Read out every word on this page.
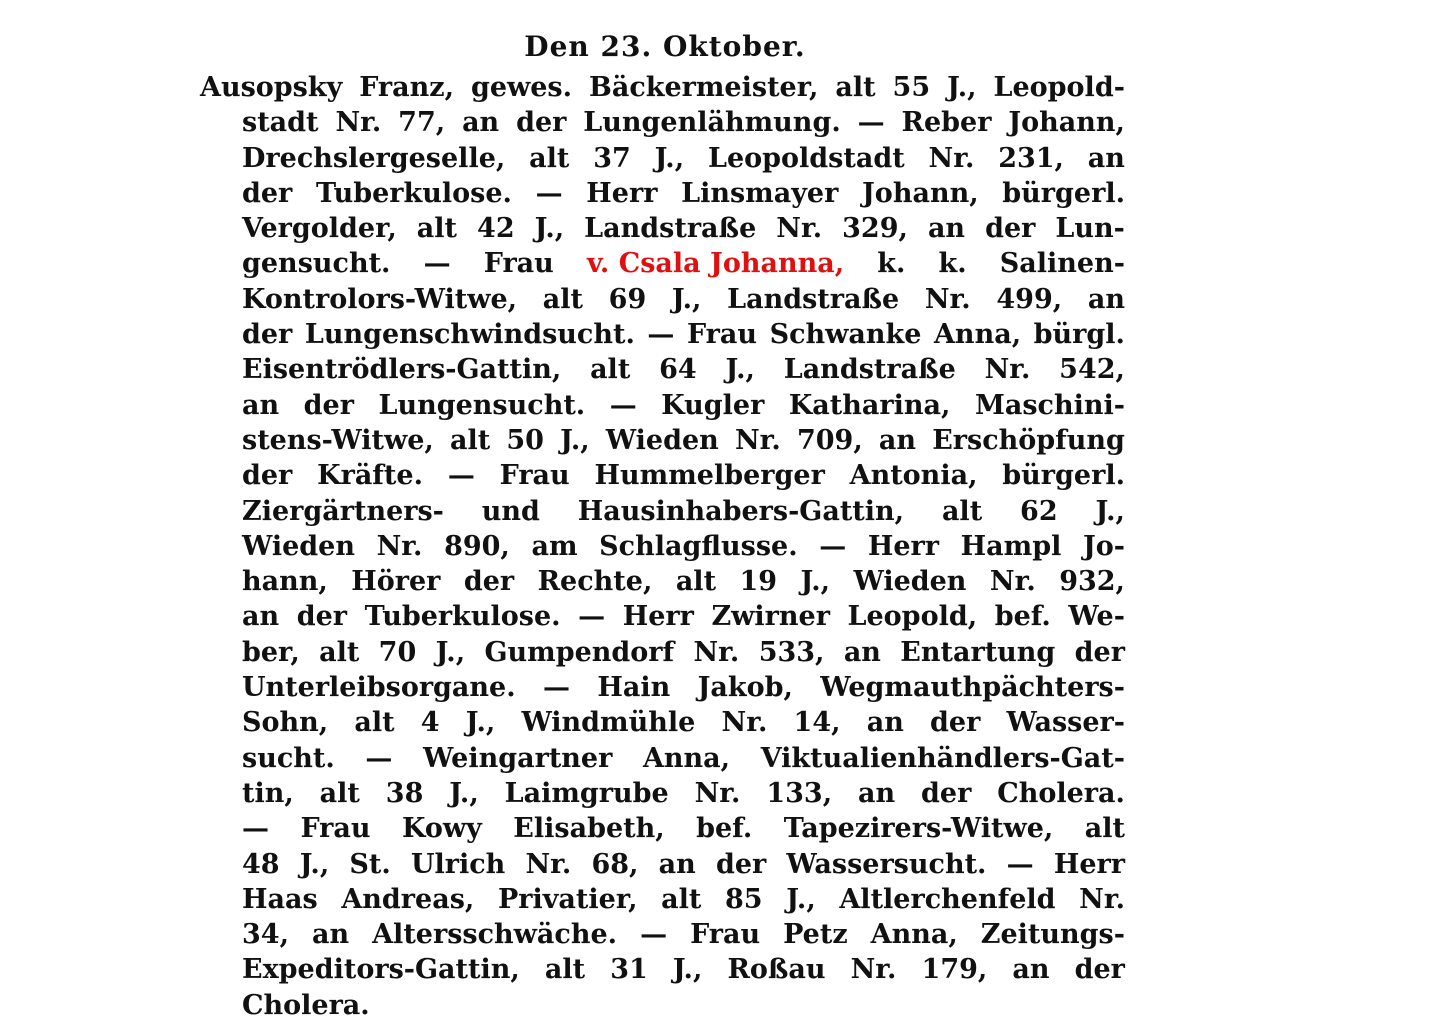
Den 23. Oktober.
Ausopsky Franz, gewes. Bäckermeister, alt 55 J., Leopold-
stadt Nr. 77, an der Lungenlähmung. — Reber Johann,
Drechslergeselle, alt 37 J., Leopoldstadt Nr. 231, an
der Tuberkulose. — Herr Linsmayer Johann, bürgerl.
Vergolder, alt 42 J., Landstraße Nr. 329, an der Lun-
gensucht. — Frau v. Csala Johanna, k. k. Salinen-
Kontrolors-Witwe, alt 69 J., Landstraße Nr. 499, an
der Lungenschwindsucht. — Frau Schwanke Anna, bürgl.
Eisentrödlers-Gattin, alt 64 J., Landstraße Nr. 542,
an der Lungensucht. — Kugler Katharina, Maschini-
stens-Witwe, alt 50 J., Wieden Nr. 709, an Erschöpfung
der Kräfte. — Frau Hummelberger Antonia, bürgerl.
Ziergärtners- und Hausinhabers-Gattin, alt 62 J.,
Wieden Nr. 890, am Schlagflusse. — Herr Hampl Jo-
hann, Hörer der Rechte, alt 19 J., Wieden Nr. 932,
an der Tuberkulose. — Herr Zwirner Leopold, bef. We-
ber, alt 70 J., Gumpendorf Nr. 533, an Entartung der
Unterleibsorgane. — Hain Jakob, Wegmauthpächters-
Sohn, alt 4 J., Windmühle Nr. 14, an der Wasser-
sucht. — Weingartner Anna, Viktualienhändlers-Gat-
tin, alt 38 J., Laimgrube Nr. 133, an der Cholera.
— Frau Kowy Elisabeth, bef. Tapezirers-Witwe, alt
48 J., St. Ulrich Nr. 68, an der Wassersucht. — Herr
Haas Andreas, Privatier, alt 85 J., Altlerchenfeld Nr.
34, an Altersschwäche. — Frau Petz Anna, Zeitungs-
Expeditors-Gattin, alt 31 J., Roßau Nr. 179, an der
Cholera.
